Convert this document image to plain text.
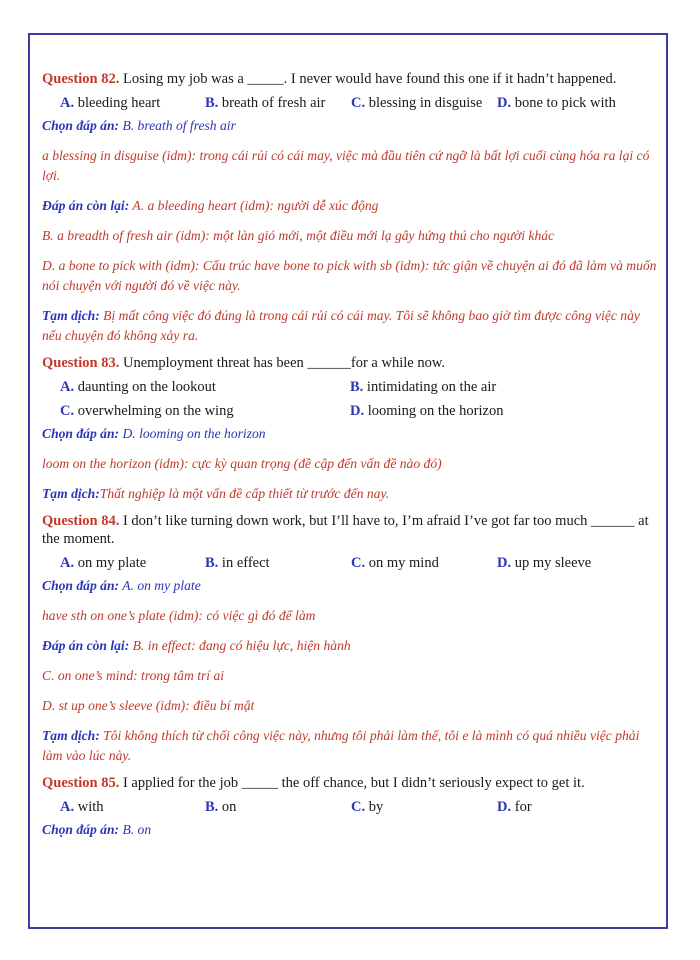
Question 82. Losing my job was a _____. I never would have found this one if it hadn’t happened.

A. bleeding heart	B. breath of fresh air	C. blessing in disguise	D. bone to pick with

Chọn đáp án: B. breath of fresh air

a blessing in disguise (idm): trong cái rủi có cái may, việc mà đầu tiên cứ ngỡ là bất lợi cuối cùng hóa ra lại có lợi.

Đáp án còn lại: A. a bleeding heart (idm): người dễ xúc động

B. a breadth of fresh air (idm): một làn gió mới, một điều mới lạ gây hứng thú cho người khác

D. a bone to pick with (idm): Cấu trúc have bone to pick with sb (idm): tức giận về chuyện ai đó đã làm và muốn nói chuyện với người đó về việc này.

Tạm dịch: Bị mất công việc đó đúng là trong cái rủi có cái may. Tôi sẽ không bao giờ tìm được công việc này nếu chuyện đó không xảy ra.

Question 83. Unemployment threat has been ______for a while now.

A. daunting on the lookout	B. intimidating on the air
C. overwhelming on the wing	D. looming on the horizon

Chọn đáp án: D. looming on the horizon

loom on the horizon (idm): cực kỳ quan trọng (đề cập đến vấn đề nào đó)

Tạm dịch:Thất nghiệp là một vấn đề cấp thiết từ trước đến nay.

Question 84. I don’t like turning down work, but I’ll have to, I’m afraid I’ve got far too much ______ at the moment.

A. on my plate	B. in effect	C. on my mind	D. up my sleeve

Chọn đáp án: A. on my plate

have sth on one’s plate (idm): có việc gì đó để làm

Đáp án còn lại: B. in effect: đang có hiệu lực, hiện hành

C. on one’s mind: trong tâm trí ai

D. st up one’s sleeve (idm): điều bí mật

Tạm dịch: Tôi không thích từ chối công việc này, nhưng tôi phải làm thế, tôi e là mình có quá nhiều việc phải làm vào lúc này.

Question 85. I applied for the job _____ the off chance, but I didn’t seriously expect to get it.

A. with	B. on	C. by	D. for

Chọn đáp án: B. on
